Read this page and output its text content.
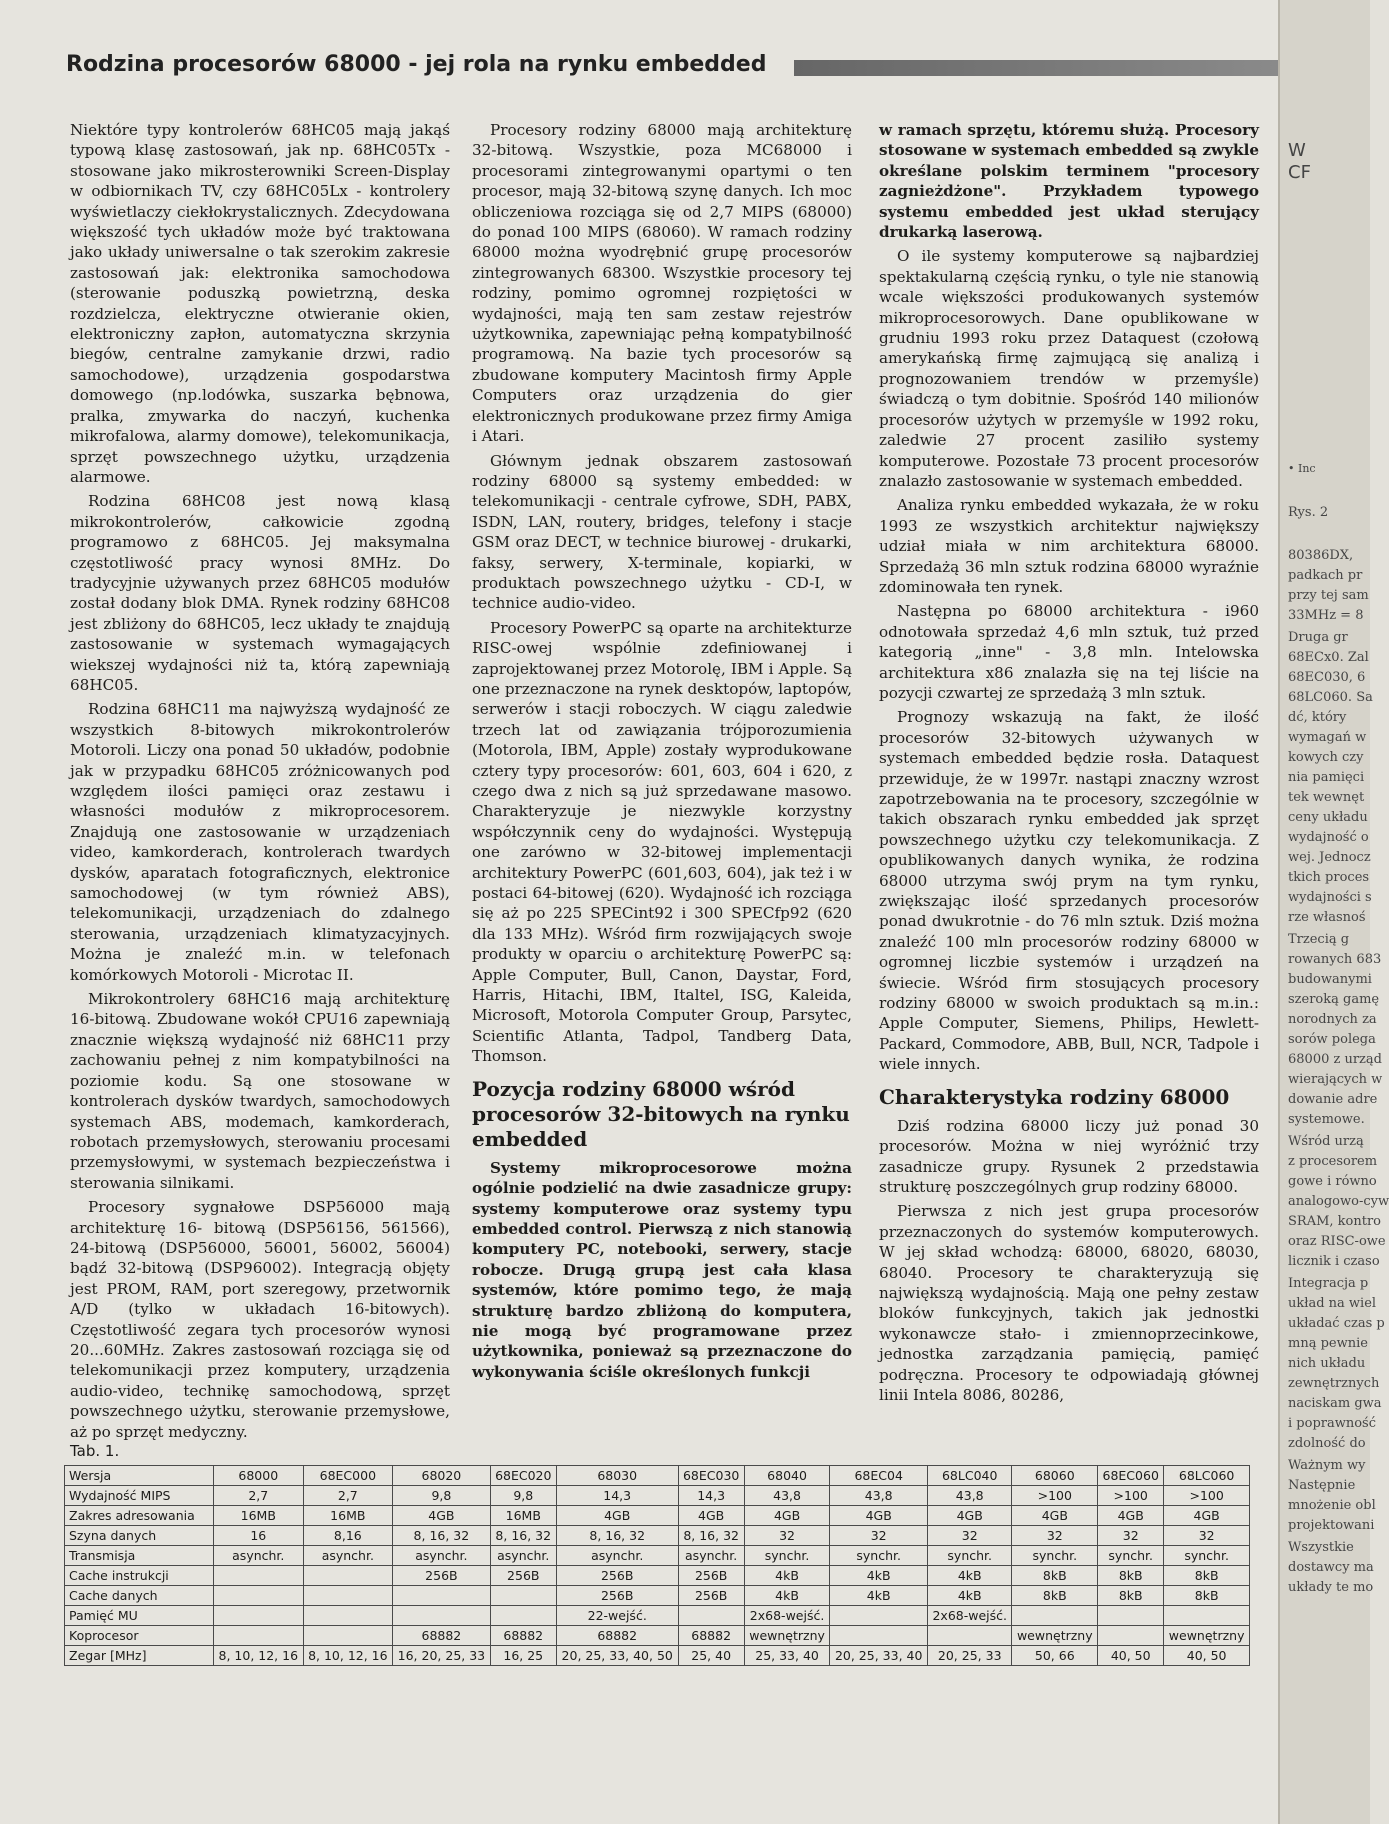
Rodzina procesorów 68000 - jej rola na rynku embedded

Niektóre typy kontrolerów 68HC05 mają jakąś typową klasę zastosowań, jak np. 68HC05Tx - stosowane jako mikrosterowniki Screen-Display w odbiornikach TV, czy 68HC05Lx - kontrolery wyświetlaczy ciekłokrystalicznych. Zdecydowana większość tych układów może być traktowana jako układy uniwersalne o tak szerokim zakresie zastosowań jak: elektronika samochodowa (sterowanie poduszką powietrzną, deska rozdzielcza, elektryczne otwieranie okien, elektroniczny zapłon, automatyczna skrzynia biegów, centralne zamykanie drzwi, radio samochodowe), urządzenia gospodarstwa domowego (np.lodówka, suszarka bębnowa, pralka, zmywarka do naczyń, kuchenka mikrofalowa, alarmy domowe), telekomunikacja, sprzęt powszechnego użytku, urządzenia alarmowe.

Rodzina 68HC08 jest nową klasą mikrokontrolerów, całkowicie zgodną programowo z 68HC05. Jej maksymalna częstotliwość pracy wynosi 8MHz. Do tradycyjnie używanych przez 68HC05 modułów został dodany blok DMA. Rynek rodziny 68HC08 jest zbliżony do 68HC05, lecz układy te znajdują zastosowanie w systemach wymagających wiekszej wydajności niż ta, którą zapewniają 68HC05.

Rodzina 68HC11 ma najwyższą wydajność ze wszystkich 8-bitowych mikrokontrolerów Motoroli. Liczy ona ponad 50 układów, podobnie jak w przypadku 68HC05 zróżnicowanych pod względem ilości pamięci oraz zestawu i własności modułów z mikroprocesorem. Znajdują one zastosowanie w urządzeniach video, kamkorderach, kontrolerach twardych dysków, aparatach fotograficznych, elektronice samochodowej (w tym również ABS), telekomunikacji, urządzeniach do zdalnego sterowania, urządzeniach klimatyzacyjnych. Można je znaleźć m.in. w telefonach komórkowych Motoroli - Microtac II.

Mikrokontrolery 68HC16 mają architekturę 16-bitową. Zbudowane wokół CPU16 zapewniają znacznie większą wydajność niż 68HC11 przy zachowaniu pełnej z nim kompatybilności na poziomie kodu. Są one stosowane w kontrolerach dysków twardych, samochodowych systemach ABS, modemach, kamkorderach, robotach przemysłowych, sterowaniu procesami przemysłowymi, w systemach bezpieczeństwa i sterowania silnikami.

Procesory sygnałowe DSP56000 mają architekturę 16- bitową (DSP56156, 561566), 24-bitową (DSP56000, 56001, 56002, 56004) bądź 32-bitową (DSP96002). Integracją objęty jest PROM, RAM, port szeregowy, przetwornik A/D (tylko w układach 16-bitowych). Częstotliwość zegara tych procesorów wynosi 20...60MHz. Zakres zastosowań rozciąga się od telekomunikacji przez komputery, urządzenia audio-video, technikę samochodową, sprzęt powszechnego użytku, sterowanie przemysłowe, aż po sprzęt medyczny.

Procesory rodziny 68000 mają architekturę 32-bitową. Wszystkie, poza MC68000 i procesorami zintegrowanymi opartymi o ten procesor, mają 32-bitową szynę danych. Ich moc obliczeniowa rozciąga się od 2,7 MIPS (68000) do ponad 100 MIPS (68060). W ramach rodziny 68000 można wyodrębnić grupę procesorów zintegrowanych 68300. Wszystkie procesory tej rodziny, pomimo ogromnej rozpiętości w wydajności, mają ten sam zestaw rejestrów użytkownika, zapewniając pełną kompatybilność programową. Na bazie tych procesorów są zbudowane komputery Macintosh firmy Apple Computers oraz urządzenia do gier elektronicznych produkowane przez firmy Amiga i Atari.

Głównym jednak obszarem zastosowań rodziny 68000 są systemy embedded: w telekomunikacji - centrale cyfrowe, SDH, PABX, ISDN, LAN, routery, bridges, telefony i stacje GSM oraz DECT, w technice biurowej - drukarki, faksy, serwery, X-terminale, kopiarki, w produktach powszechnego użytku - CD-I, w technice audio-video.

Procesory PowerPC są oparte na architekturze RISC-owej wspólnie zdefiniowanej i zaprojektowanej przez Motorolę, IBM i Apple. Są one przeznaczone na rynek desktopów, laptopów, serwerów i stacji roboczych. W ciągu zaledwie trzech lat od zawiązania trójporozumienia (Motorola, IBM, Apple) zostały wyprodukowane cztery typy procesorów: 601, 603, 604 i 620, z czego dwa z nich są już sprzedawane masowo. Charakteryzuje je niezwykle korzystny współczynnik ceny do wydajności. Występują one zarówno w 32-bitowej implementacji architektury PowerPC (601,603, 604), jak też i w postaci 64-bitowej (620). Wydajność ich rozciąga się aż po 225 SPECint92 i 300 SPECfp92 (620 dla 133 MHz). Wśród firm rozwijających swoje produkty w oparciu o architekturę PowerPC są: Apple Computer, Bull, Canon, Daystar, Ford, Harris, Hitachi, IBM, Italtel, ISG, Kaleida, Microsoft, Motorola Computer Group, Parsytec, Scientific Atlanta, Tadpol, Tandberg Data, Thomson.

Pozycja rodziny 68000 wśród procesorów 32-bitowych na rynku embedded

Systemy mikroprocesorowe można ogólnie podzielić na dwie zasadnicze grupy: systemy komputerowe oraz systemy typu embedded control. Pierwszą z nich stanowią komputery PC, notebooki, serwery, stacje robocze. Drugą grupą jest cała klasa systemów, które pomimo tego, że mają strukturę bardzo zbliżoną do komputera, nie mogą być programowane przez użytkownika, ponieważ są przeznaczone do wykonywania ściśle określonych funkcji

w ramach sprzętu, któremu służą. Procesory stosowane w systemach embedded są zwykle określane polskim terminem "procesory zagnieżdżone". Przykładem typowego systemu embedded jest układ sterujący drukarką laserową.

O ile systemy komputerowe są najbardziej spektakularną częścią rynku, o tyle nie stanowią wcale większości produkowanych systemów mikroprocesorowych. Dane opublikowane w grudniu 1993 roku przez Dataquest (czołową amerykańską firmę zajmującą się analizą i prognozowaniem trendów w przemyśle) świadczą o tym dobitnie. Spośród 140 milionów procesorów użytych w przemyśle w 1992 roku, zaledwie 27 procent zasiliło systemy komputerowe. Pozostałe 73 procent procesorów znalazło zastosowanie w systemach embedded.

Analiza rynku embedded wykazała, że w roku 1993 ze wszystkich architektur największy udział miała w nim architektura 68000. Sprzedażą 36 mln sztuk rodzina 68000 wyraźnie zdominowała ten rynek.

Następna po 68000 architektura - i960 odnotowała sprzedaż 4,6 mln sztuk, tuż przed kategorią „inne" - 3,8 mln. Intelowska architektura x86 znalazła się na tej liście na pozycji czwartej ze sprzedażą 3 mln sztuk.

Prognozy wskazują na fakt, że ilość procesorów 32-bitowych używanych w systemach embedded będzie rosła. Dataquest przewiduje, że w 1997r. nastąpi znaczny wzrost zapotrzebowania na te procesory, szczególnie w takich obszarach rynku embedded jak sprzęt powszechnego użytku czy telekomunikacja. Z opublikowanych danych wynika, że rodzina 68000 utrzyma swój prym na tym rynku, zwiększając ilość sprzedanych procesorów ponad dwukrotnie - do 76 mln sztuk. Dziś można znaleźć 100 mln procesorów rodziny 68000 w ogromnej liczbie systemów i urządzeń na świecie. Wśród firm stosujących procesory rodziny 68000 w swoich produktach są m.in.: Apple Computer, Siemens, Philips, Hewlett-Packard, Commodore, ABB, Bull, NCR, Tadpole i wiele innych.

Charakterystyka rodziny 68000

Dziś rodzina 68000 liczy już ponad 30 procesorów. Można w niej wyróżnić trzy zasadnicze grupy. Rysunek 2 przedstawia strukturę poszczególnych grup rodziny 68000.

Pierwsza z nich jest grupa procesorów przeznaczonych do systemów komputerowych. W jej skład wchodzą: 68000, 68020, 68030, 68040. Procesory te charakteryzują się największą wydajnością. Mają one pełny zestaw bloków funkcyjnych, takich jak jednostki wykonawcze stało- i zmiennoprzecinkowe, jednostka zarządzania pamięcią, pamięć podręczna. Procesory te odpowiadają głównej linii Intela 8086, 80286,

Tab. 1.
Wersja	68000	68EC000	68020	68EC020	68030	68EC030	68040	68EC04	68LC040	68060	68EC060	68LC060
Wydajność MIPS	2,7	2,7	9,8	9,8	14,3	14,3	43,8	43,8	43,8	>100	>100	>100
Zakres adresowania	16MB	16MB	4GB	16MB	4GB	4GB	4GB	4GB	4GB	4GB	4GB	4GB
Szyna danych	16	8,16	8, 16, 32	8, 16, 32	8, 16, 32	8, 16, 32	32	32	32	32	32	32
Transmisja	asynchr.	asynchr.	asynchr.	asynchr.	asynchr.	asynchr.	synchr.	synchr.	synchr.	synchr.	synchr.	synchr.
Cache instrukcji			256B	256B	256B	256B	4kB	4kB	4kB	8kB	8kB	8kB
Cache danych					256B	256B	4kB	4kB	4kB	8kB	8kB	8kB
Pamięć MU					22-wejść.		2x68-wejść.		2x68-wejść.			
Koprocesor			68882	68882	68882	68882	wewnętrzny			wewnętrzny		wewnętrzny
Zegar [MHz]	8, 10, 12, 16	8, 10, 12, 16	16, 20, 25, 33	16, 25	20, 25, 33, 40, 50	25, 40	25, 33, 40	20, 25, 33, 40	20, 25, 33	50, 66	40, 50	40, 50
W
CF
• Inc
Rys. 2
80386DX,
padkach pr
przy tej sam
33MHz = 8
Druga gr
68ECx0. Zal
68EC030, 6
68LC060. Sa
dć, który
wymagań w
kowych czy
nia pamięci
tek wewnęt
ceny układu
wydajność o
wej. Jednocz
tkich proces
wydajności s
rze własnoś
Trzecią g
rowanych 683
budowanymi
szeroką gamę
norodnych za
sorów polega
68000 z urząd
wierających w
dowanie adre
systemowe.
Wśród urzą
z procesorem
gowe i równo
analogowo-cyw
SRAM, kontro
oraz RISC-owe
licznik i czaso
Integracja p
układ na wiel
układać czas p
mną pewnie
nich układu
zewnętrznych
naciskam gwa
i poprawność
zdolność do
Ważnym wy
Następnie
mnożenie obl
projektowani
Wszystkie
dostawcy ma
układy te mo
